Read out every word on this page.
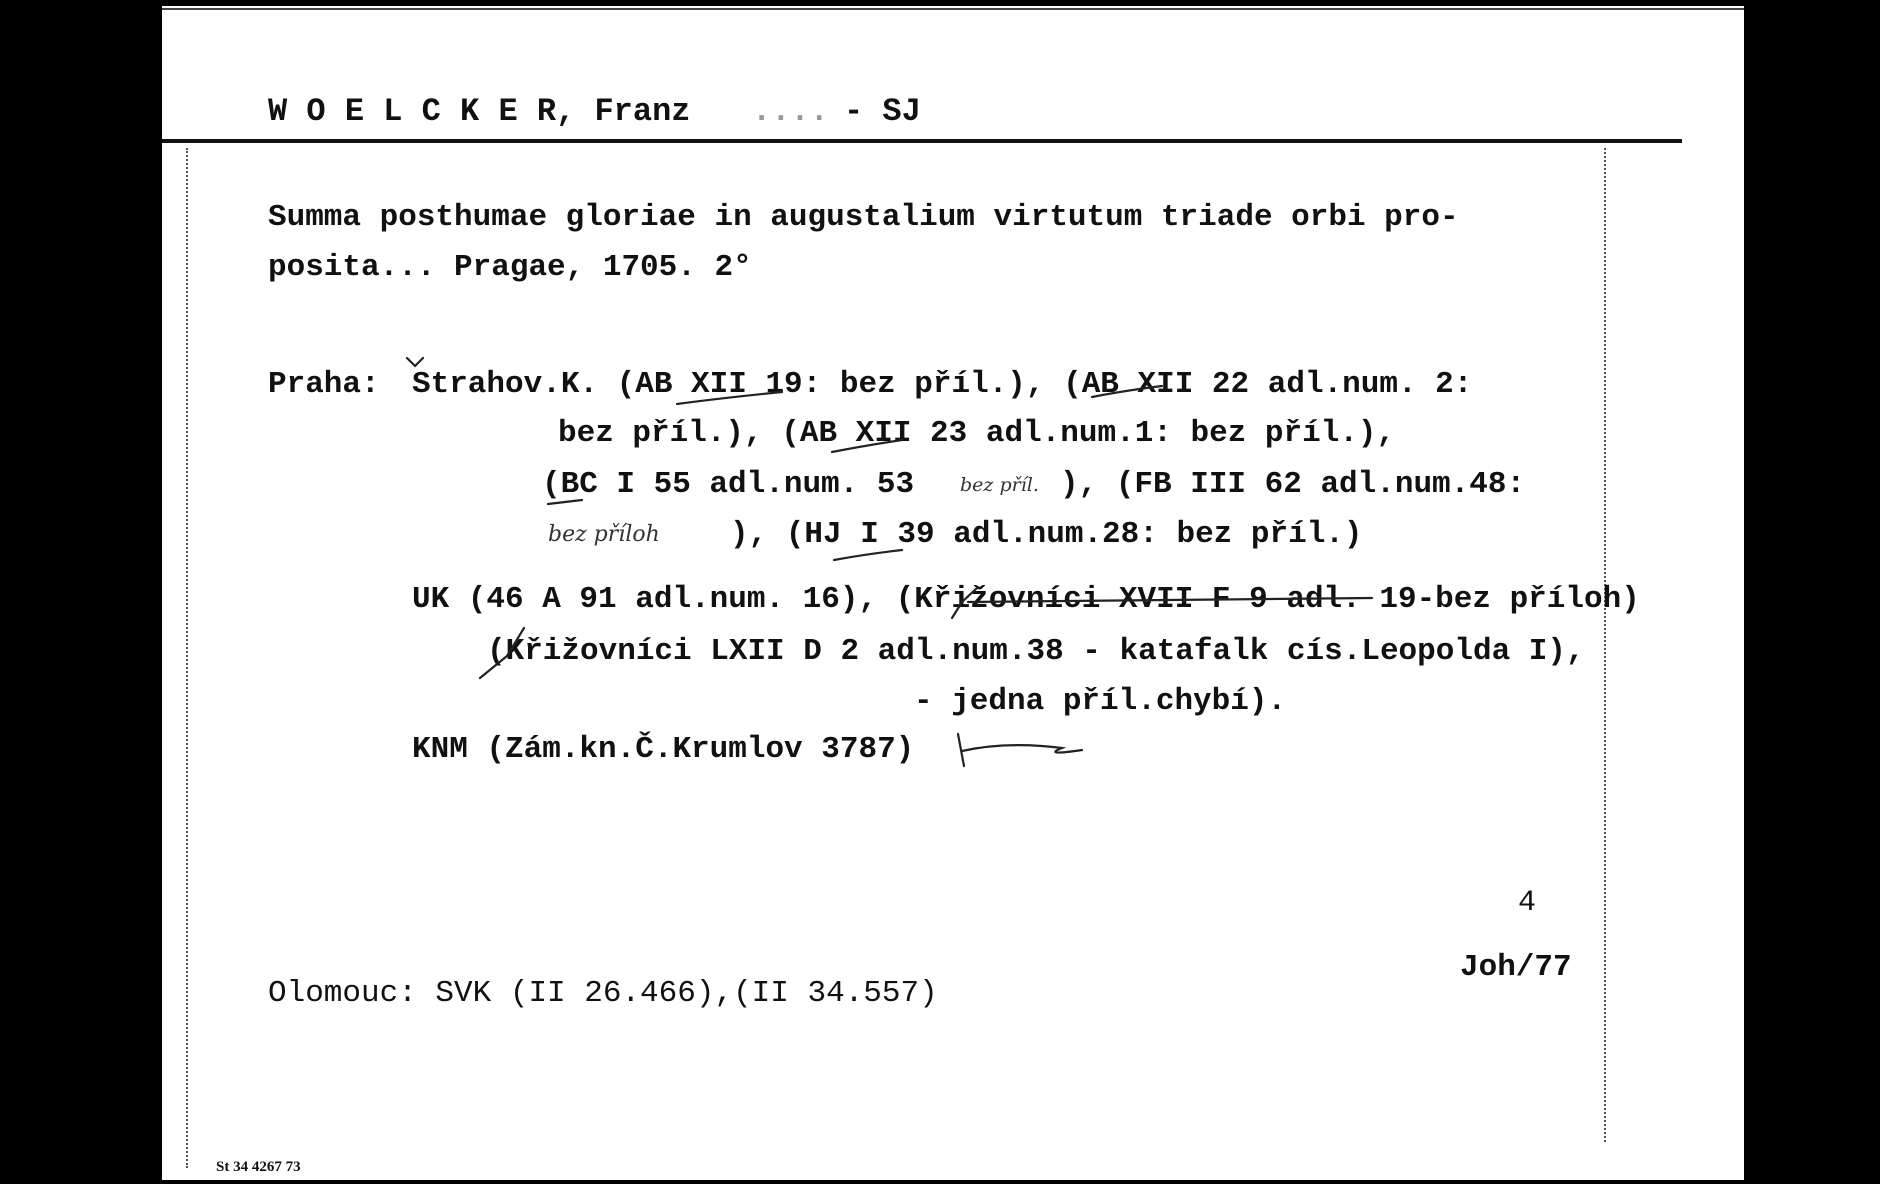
W O E L C K E R, Franz .... - SJ
Summa posthumae gloriae in augustalium virtutum triade orbi pro-
posita... Pragae, 1705. 2°
Praha: Strahov.K. (AB XII 19: bez příl.), (AB XII 22 adl.num. 2:
bez příl.), (AB XII 23 adl.num.1: bez příl.),
(BC I 55 adl.num. 53 bez příl. ), (FB III 62 adl.num.48:
bez příloh ), (HJ I 39 adl.num.28: bez příl.)
UK (46 A 91 adl.num. 16), (Křižovníci XVII F 9 adl. 19-bez příloh)
(Křižovníci LXII D 2 adl.num.38 - katafalk cís.Leopolda I),
- jedna příl.chybí).
KNM (Zám.kn.Č.Krumlov 3787)
4
Joh/77
Olomouc: SVK (II 26.466),(II 34.557)
St 34 4267 73
